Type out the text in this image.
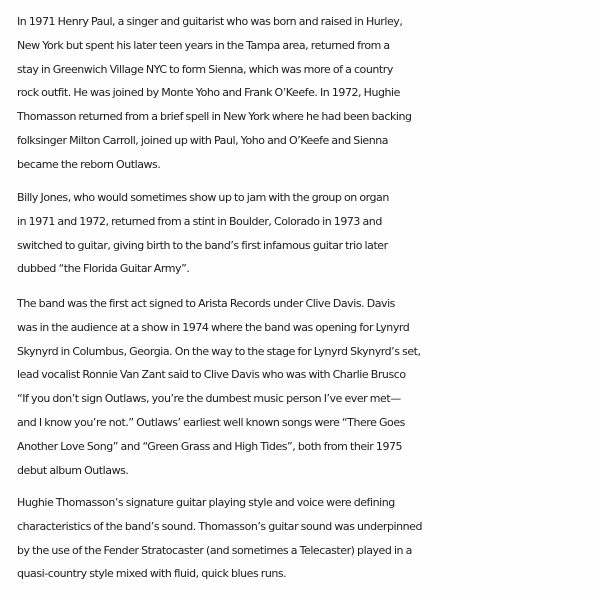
In 1971 Henry Paul, a singer and guitarist who was born and raised in Hurley,
New York but spent his later teen years in the Tampa area, returned from a
stay in Greenwich Village NYC to form Sienna, which was more of a country
rock outfit. He was joined by Monte Yoho and Frank O’Keefe. In 1972, Hughie
Thomasson returned from a brief spell in New York where he had been backing
folksinger Milton Carroll, joined up with Paul, Yoho and O’Keefe and Sienna
became the reborn Outlaws.

Billy Jones, who would sometimes show up to jam with the group on organ
in 1971 and 1972, returned from a stint in Boulder, Colorado in 1973 and
switched to guitar, giving birth to the band’s first infamous guitar trio later
dubbed “the Florida Guitar Army”.

The band was the first act signed to Arista Records under Clive Davis. Davis
was in the audience at a show in 1974 where the band was opening for Lynyrd
Skynyrd in Columbus, Georgia. On the way to the stage for Lynyrd Skynyrd’s set,
lead vocalist Ronnie Van Zant said to Clive Davis who was with Charlie Brusco
“If you don’t sign Outlaws, you’re the dumbest music person I’ve ever met—
and I know you’re not.” Outlaws’ earliest well known songs were “There Goes
Another Love Song” and “Green Grass and High Tides”, both from their 1975
debut album Outlaws.

Hughie Thomasson’s signature guitar playing style and voice were defining
characteristics of the band’s sound. Thomasson’s guitar sound was underpinned
by the use of the Fender Stratocaster (and sometimes a Telecaster) played in a
quasi-country style mixed with fluid, quick blues runs.
